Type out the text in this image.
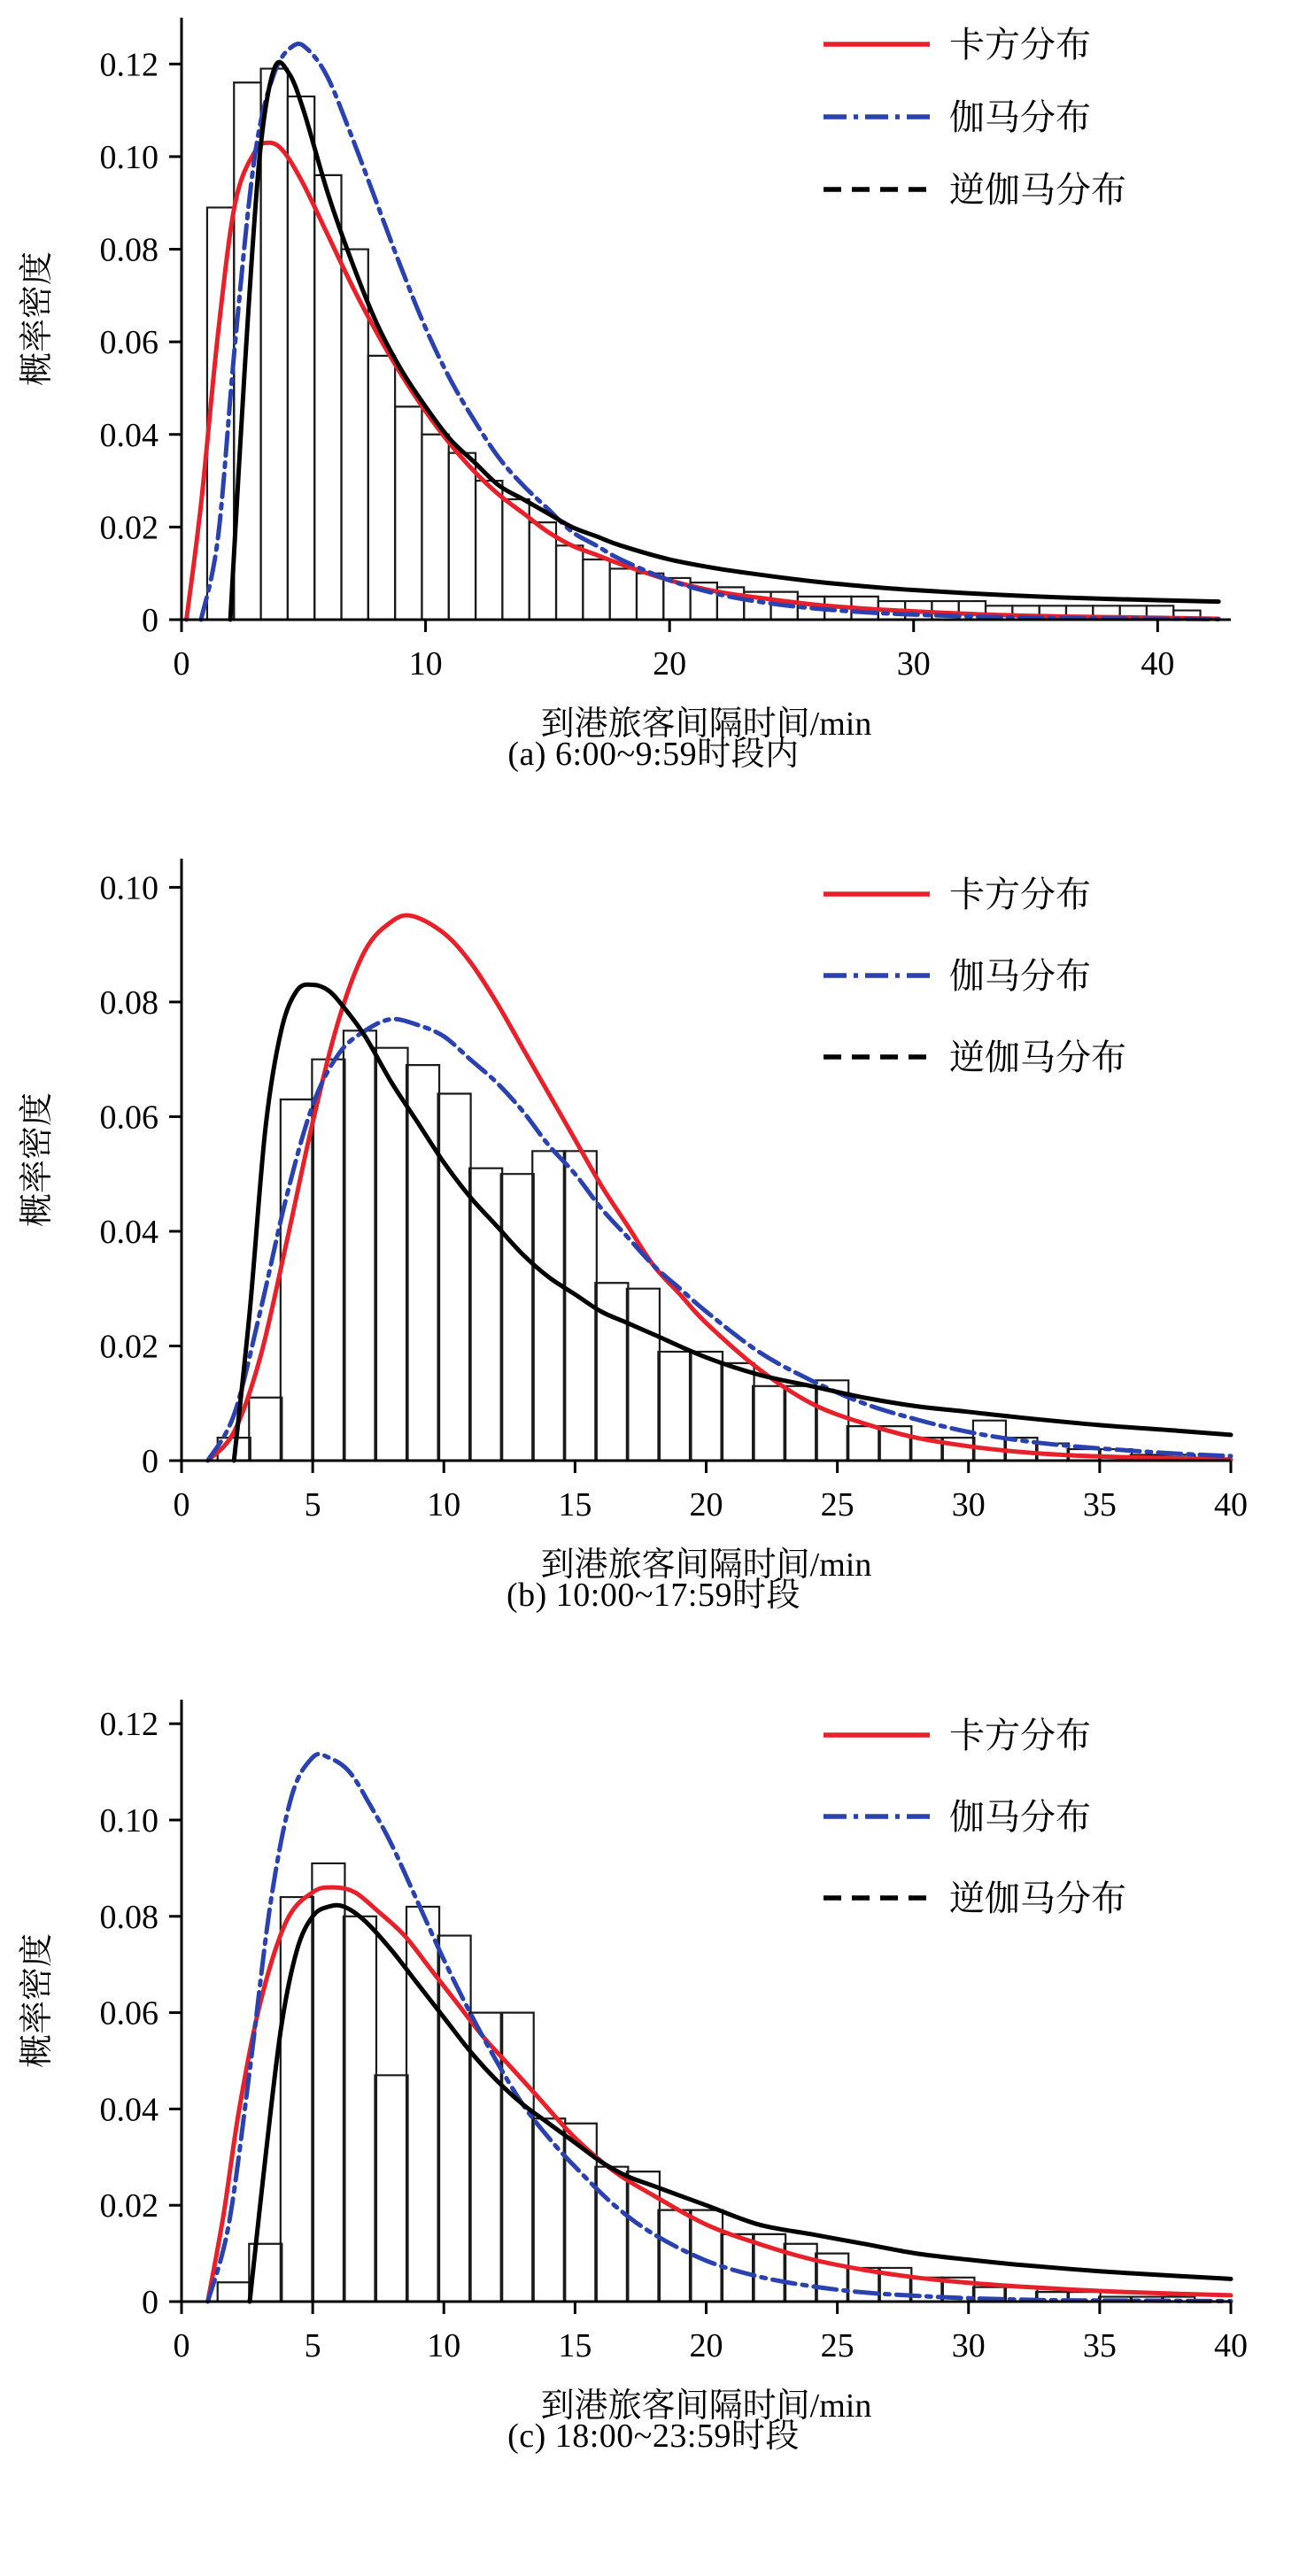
0	10	20	30	40
0
0.02
0.04
0.06
0.08
0.10
0.12
到港旅客间隔时间/min
概率密度
卡方分布
伽马分布
逆伽马分布
(a) 6:00~9:59时段内
0	5	10	15	20	25	30	35	40
0
0.02
0.04
0.06
0.08
0.10
到港旅客间隔时间/min
概率密度
卡方分布
伽马分布
逆伽马分布
(b) 10:00~17:59时段
0	5	10	15	20	25	30	35	40
0
0.02
0.04
0.06
0.08
0.10
0.12
到港旅客间隔时间/min
概率密度
卡方分布
伽马分布
逆伽马分布
(c) 18:00~23:59时段
